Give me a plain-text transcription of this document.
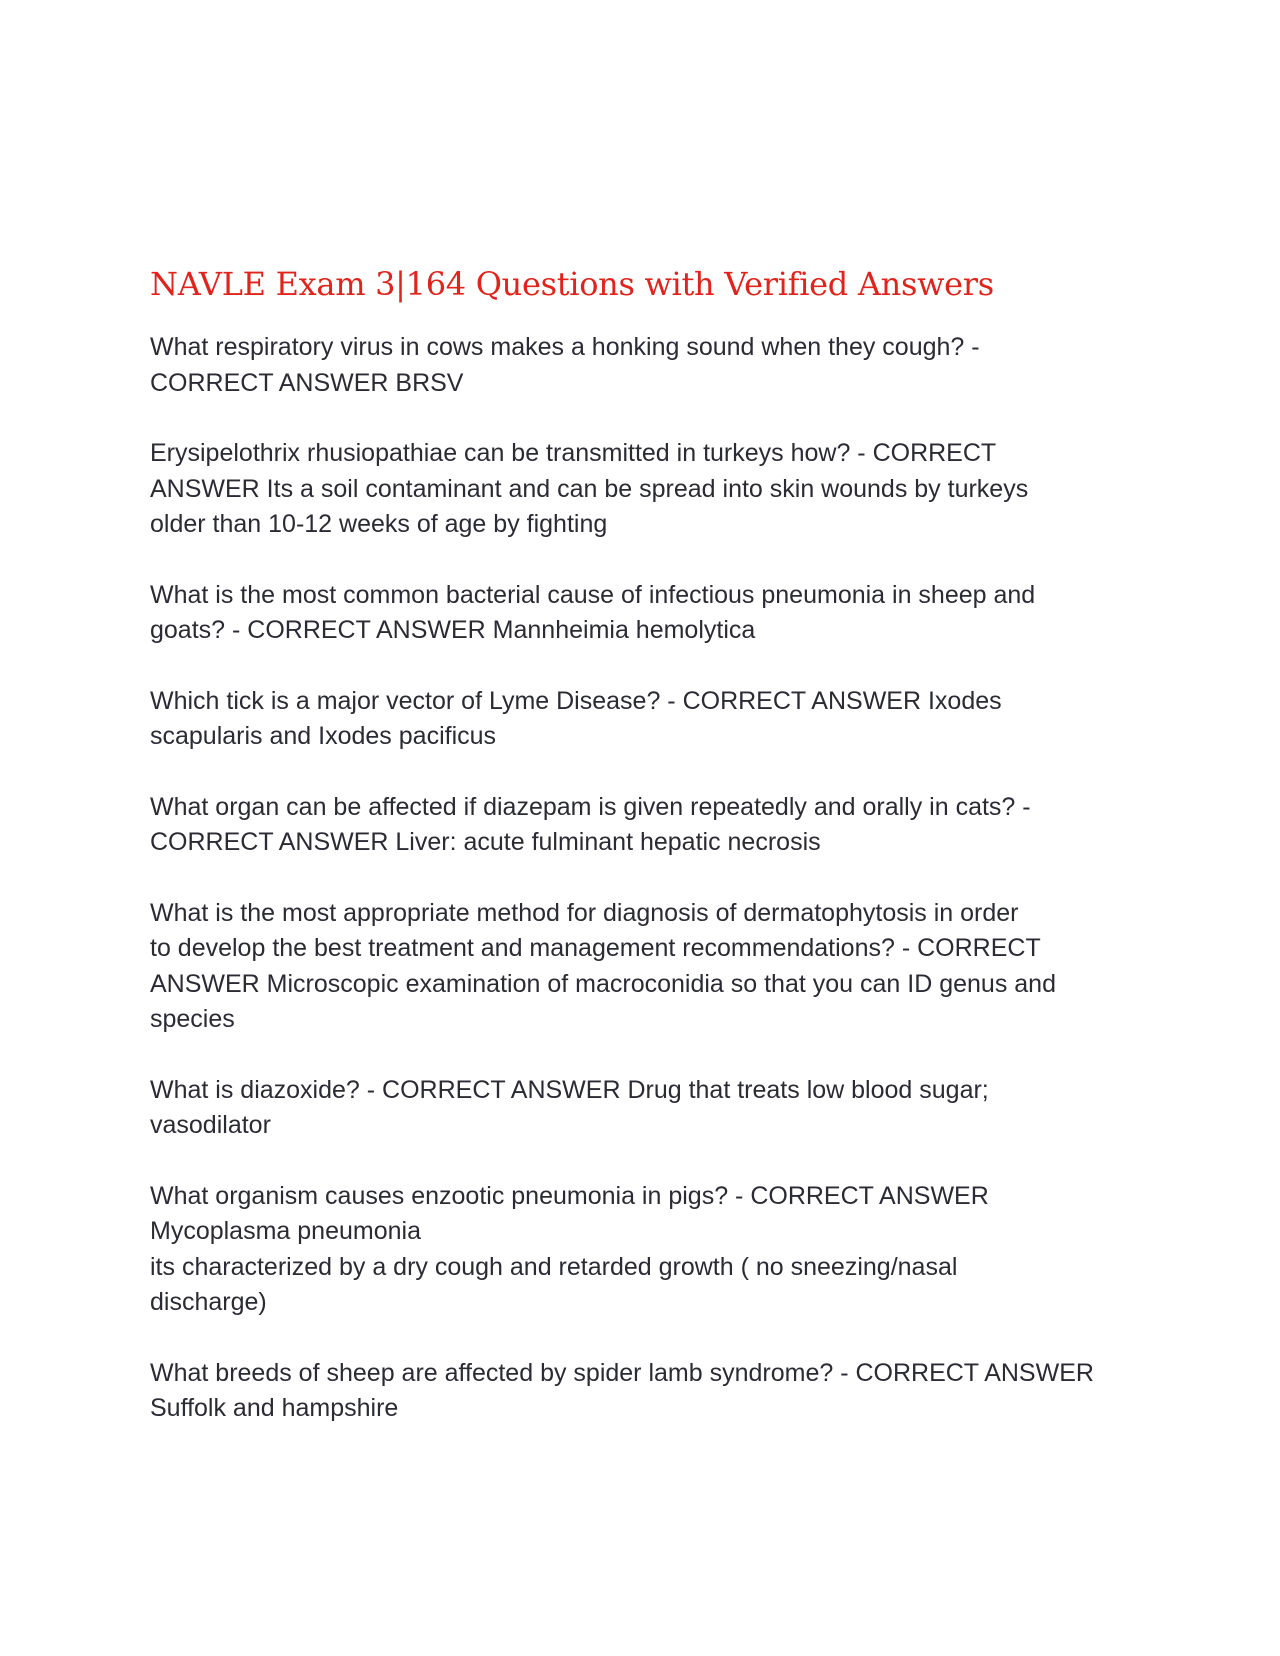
NAVLE Exam 3|164 Questions with Verified Answers
What respiratory virus in cows makes a honking sound when they cough? -
CORRECT ANSWER BRSV
Erysipelothrix rhusiopathiae can be transmitted in turkeys how? - CORRECT
ANSWER Its a soil contaminant and can be spread into skin wounds by turkeys
older than 10-12 weeks of age by fighting
What is the most common bacterial cause of infectious pneumonia in sheep and
goats? - CORRECT ANSWER Mannheimia hemolytica
Which tick is a major vector of Lyme Disease? - CORRECT ANSWER Ixodes
scapularis and Ixodes pacificus
What organ can be affected if diazepam is given repeatedly and orally in cats? -
CORRECT ANSWER Liver: acute fulminant hepatic necrosis
What is the most appropriate method for diagnosis of dermatophytosis in order
to develop the best treatment and management recommendations? - CORRECT
ANSWER Microscopic examination of macroconidia so that you can ID genus and
species
What is diazoxide? - CORRECT ANSWER Drug that treats low blood sugar;
vasodilator
What organism causes enzootic pneumonia in pigs? - CORRECT ANSWER
Mycoplasma pneumonia
its characterized by a dry cough and retarded growth ( no sneezing/nasal
discharge)
What breeds of sheep are affected by spider lamb syndrome? - CORRECT ANSWER
Suffolk and hampshire
